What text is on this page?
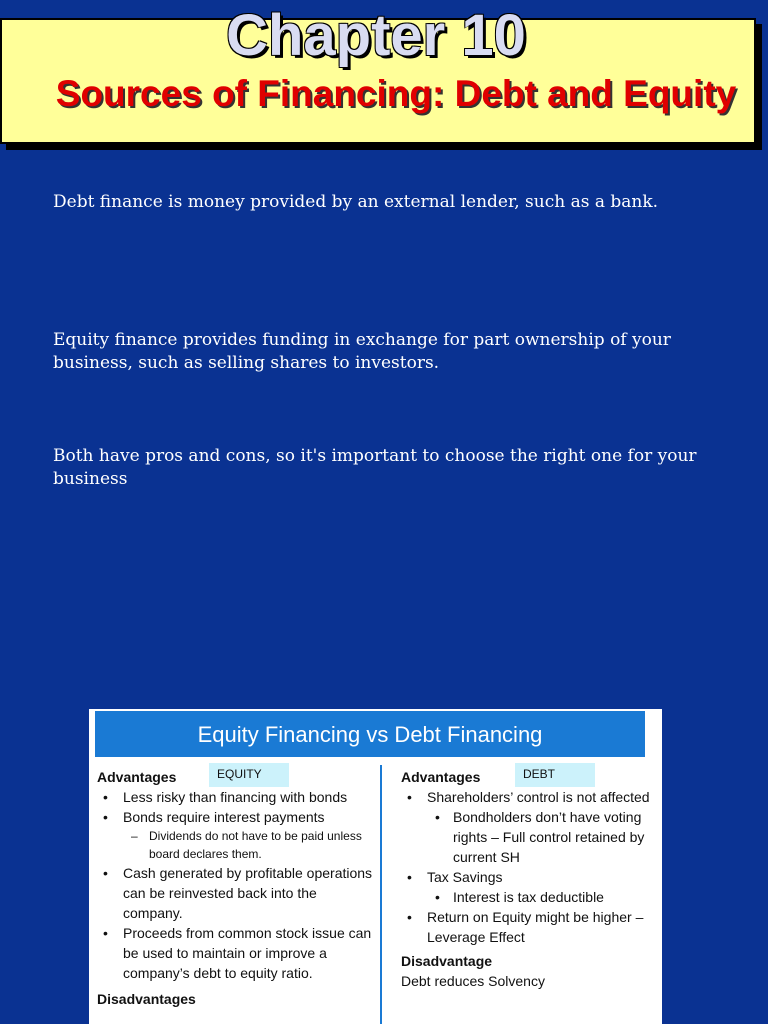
Chapter 10
Sources of Financing: Debt and Equity
Debt finance is money provided by an external lender, such as a bank.
Equity finance provides funding in exchange for part ownership of your business, such as selling shares to investors.
Both have pros and cons, so it's important to choose the right one for your business
Equity Financing vs Debt Financing
EQUITY	DEBT
Advantages
• Less risky than financing with bonds
• Bonds require interest payments
– Dividends do not have to be paid unless board declares them.
• Cash generated by profitable operations can be reinvested back into the company.
• Proceeds from common stock issue can be used to maintain or improve a company’s debt to equity ratio.
Disadvantages
Advantages
• Shareholders’ control is not affected
• Bondholders don’t have voting rights – Full control retained by current SH
• Tax Savings
• Interest is tax deductible
• Return on Equity might be higher – Leverage Effect
Disadvantage
Debt reduces Solvency
